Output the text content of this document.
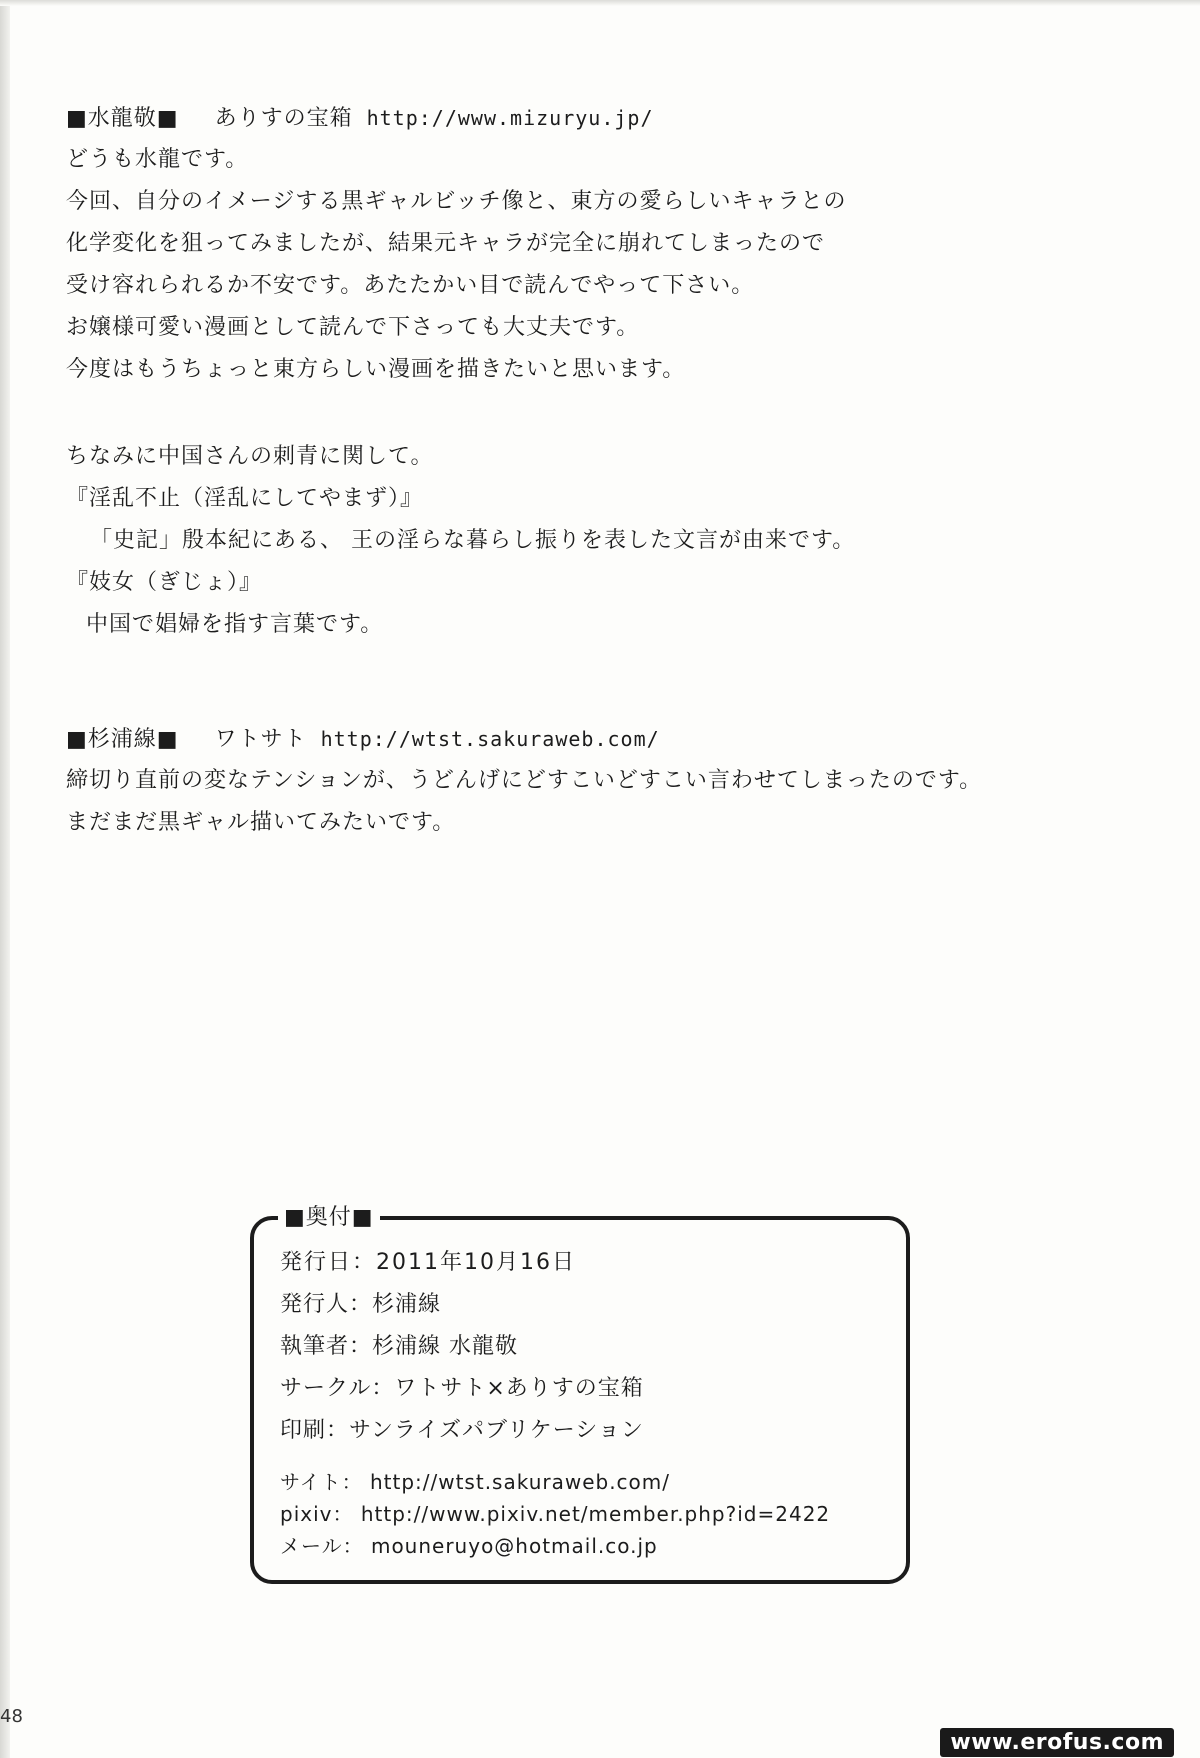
■水龍敬■ ありすの宝箱 http://www.mizuryu.jp/
どうも水龍です。
今回、自分のイメージする黒ギャルビッチ像と、東方の愛らしいキャラとの
化学変化を狙ってみましたが、結果元キャラが完全に崩れてしまったので
受け容れられるか不安です。あたたかい目で読んでやって下さい。
お嬢様可愛い漫画として読んで下さっても大丈夫です。
今度はもうちょっと東方らしい漫画を描きたいと思います。
ちなみに中国さんの刺青に関して。
『淫乱不止（淫乱にしてやまず）』
「史記」殷本紀にある、 王の淫らな暮らし振りを表した文言が由来です。
『妓女（ぎじょ）』
中国で娼婦を指す言葉です。
■杉浦線■ ワトサト http://wtst.sakuraweb.com/
締切り直前の変なテンションが、うどんげにどすこいどすこい言わせてしまったのです。
まだまだ黒ギャル描いてみたいです。
■奥付■
発行日：2011年10月16日
発行人：杉浦線
執筆者：杉浦線 水龍敬
サークル：ワトサト×ありすの宝箱
印刷：サンライズパブリケーション
サイト： http://wtst.sakuraweb.com/
pixiv： http://www.pixiv.net/member.php?id=2422
メール： mouneruyo@hotmail.co.jp
48
www.erofus.com
